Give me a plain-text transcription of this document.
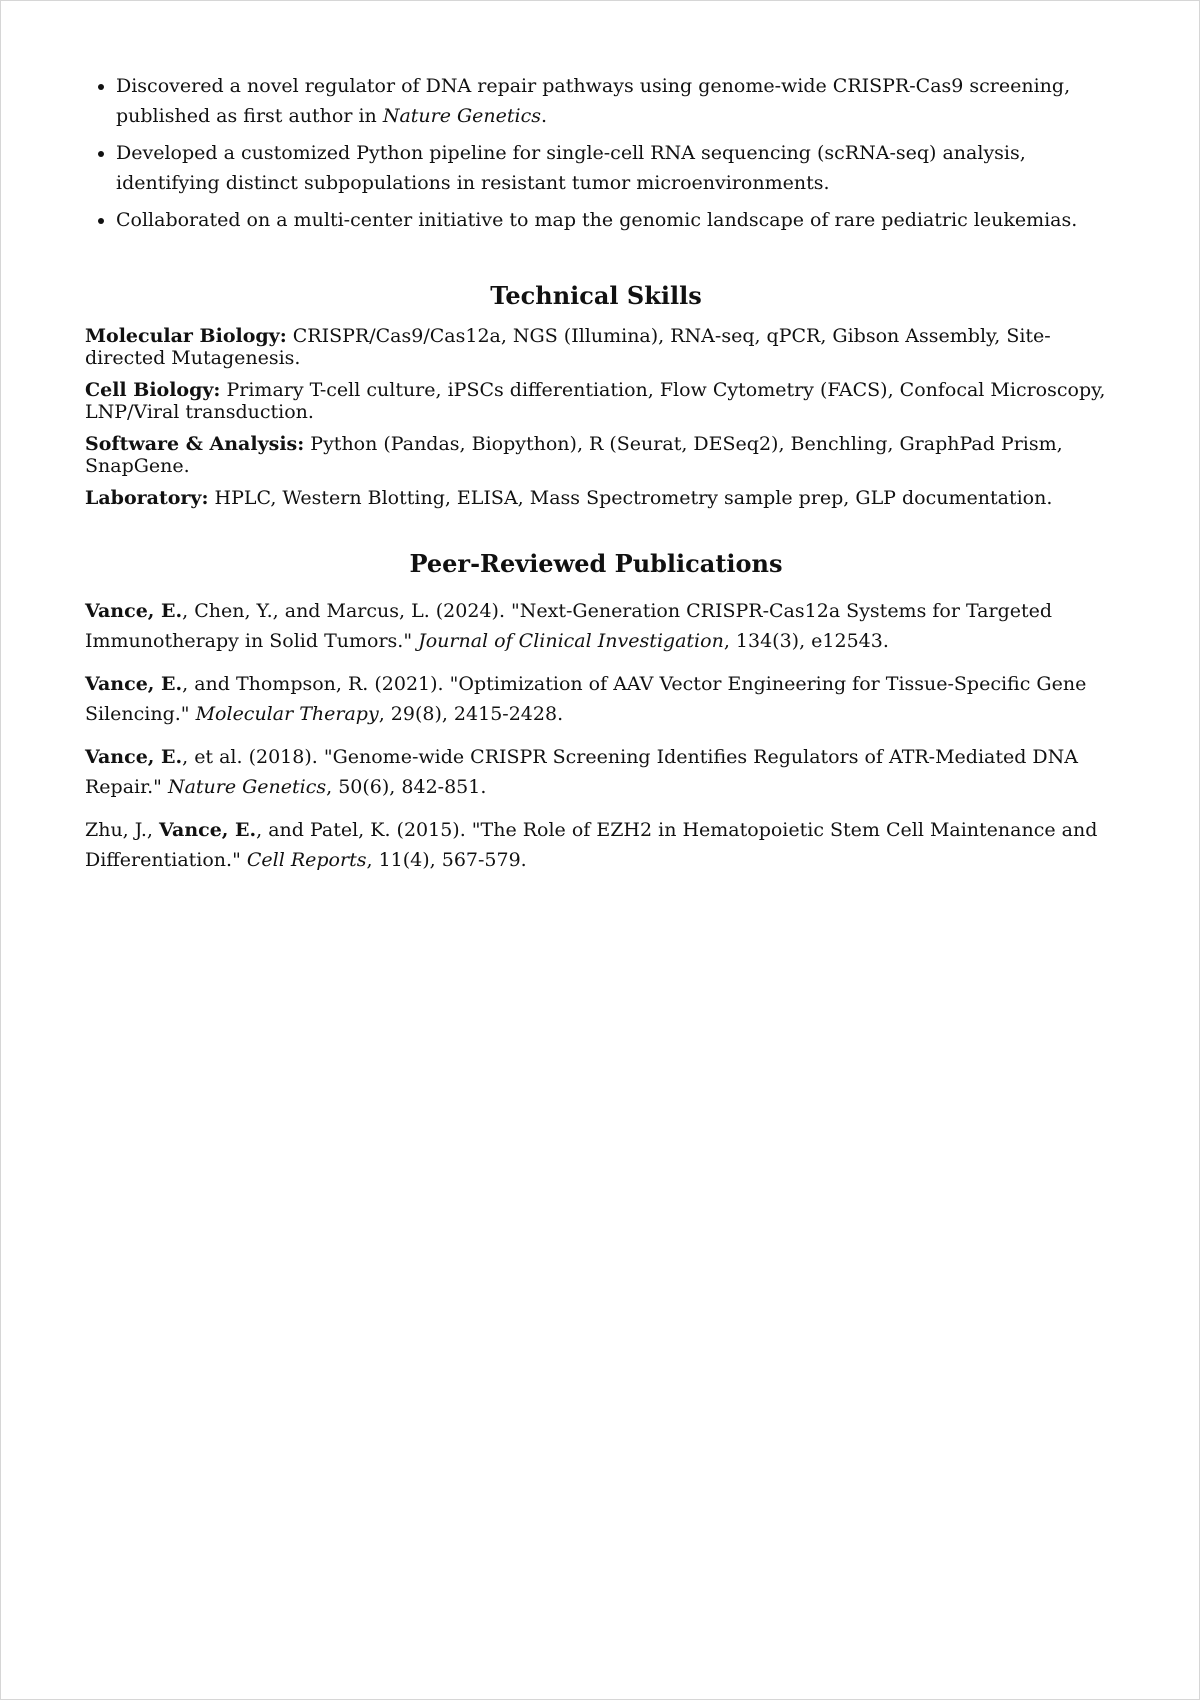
• Discovered a novel regulator of DNA repair pathways using genome-wide CRISPR-Cas9 screening, published as first author in Nature Genetics.
• Developed a customized Python pipeline for single-cell RNA sequencing (scRNA-seq) analysis, identifying distinct subpopulations in resistant tumor microenvironments.
• Collaborated on a multi-center initiative to map the genomic landscape of rare pediatric leukemias.
Technical Skills
Molecular Biology: CRISPR/Cas9/Cas12a, NGS (Illumina), RNA-seq, qPCR, Gibson Assembly, Site-directed Mutagenesis.
Cell Biology: Primary T-cell culture, iPSCs differentiation, Flow Cytometry (FACS), Confocal Microscopy, LNP/Viral transduction.
Software & Analysis: Python (Pandas, Biopython), R (Seurat, DESeq2), Benchling, GraphPad Prism, SnapGene.
Laboratory: HPLC, Western Blotting, ELISA, Mass Spectrometry sample prep, GLP documentation.
Peer-Reviewed Publications
Vance, E., Chen, Y., and Marcus, L. (2024). "Next-Generation CRISPR-Cas12a Systems for Targeted Immunotherapy in Solid Tumors." Journal of Clinical Investigation, 134(3), e12543.
Vance, E., and Thompson, R. (2021). "Optimization of AAV Vector Engineering for Tissue-Specific Gene Silencing." Molecular Therapy, 29(8), 2415-2428.
Vance, E., et al. (2018). "Genome-wide CRISPR Screening Identifies Regulators of ATR-Mediated DNA Repair." Nature Genetics, 50(6), 842-851.
Zhu, J., Vance, E., and Patel, K. (2015). "The Role of EZH2 in Hematopoietic Stem Cell Maintenance and Differentiation." Cell Reports, 11(4), 567-579.
